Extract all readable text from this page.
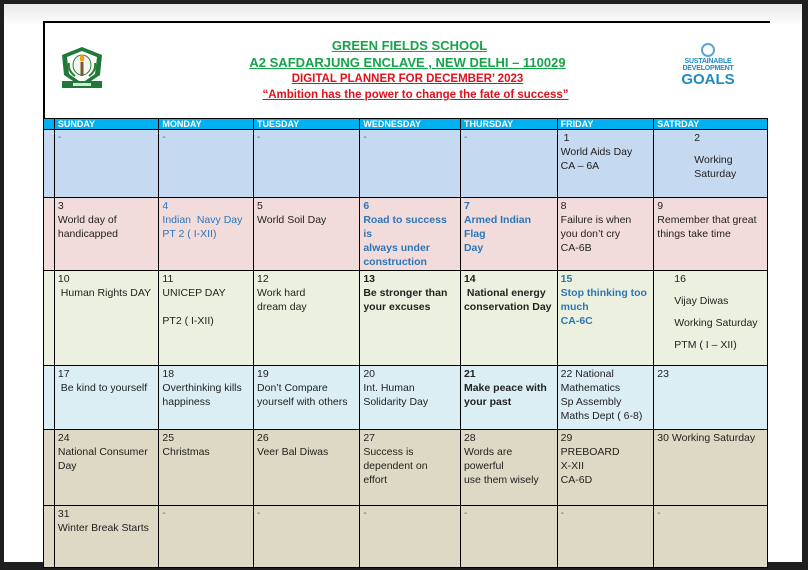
GREEN FIELDS SCHOOL
A2 SAFDARJUNG ENCLAVE , NEW DELHI – 110029
DIGITAL PLANNER FOR DECEMBER’ 2023
“Ambition has the power to change the fate of success”
SUSTAINABLE
DEVELOPMENT
GOALS
	SUNDAY	MONDAY	TUESDAY	WEDNESDAY	THURSDAY	FRIDAY	SATRDAY

	-	-	-	-	-	1
World Aids Day
CA – 6A	2
Working
Saturday

	3
World day of
handicapped	4
Indian  Navy Day
PT 2 ( I-XII)	5
World Soil Day	6
Road to success is
always under
construction	7
Armed Indian Flag
Day	8
Failure is when
you don’t cry
CA-6B	9
Remember that great
things take time

	10
Human Rights DAY	11
UNICEP DAY

PT2 ( I-XII)	12
Work hard
dream day	13
Be stronger than
your excuses	14
National energy
conservation Day	15
Stop thinking too
much
CA-6C	16
Vijay Diwas
Working Saturday
PTM ( I – XII)

	17
Be kind to yourself	18
Overthinking kills
happiness	19
Don’t Compare
yourself with others	20
Int. Human
Solidarity Day	21
Make peace with
your past	22 National
Mathematics
Sp Assembly
Maths Dept ( 6-8)	23

	24
National Consumer
Day	25
Christmas	26
Veer Bal Diwas	27
Success is
dependent on
effort	28
Words are
powerful
use them wisely	29
PREBOARD
X-XII
CA-6D	30 Working Saturday

	31
Winter Break Starts	-	-	-	-	-	-
